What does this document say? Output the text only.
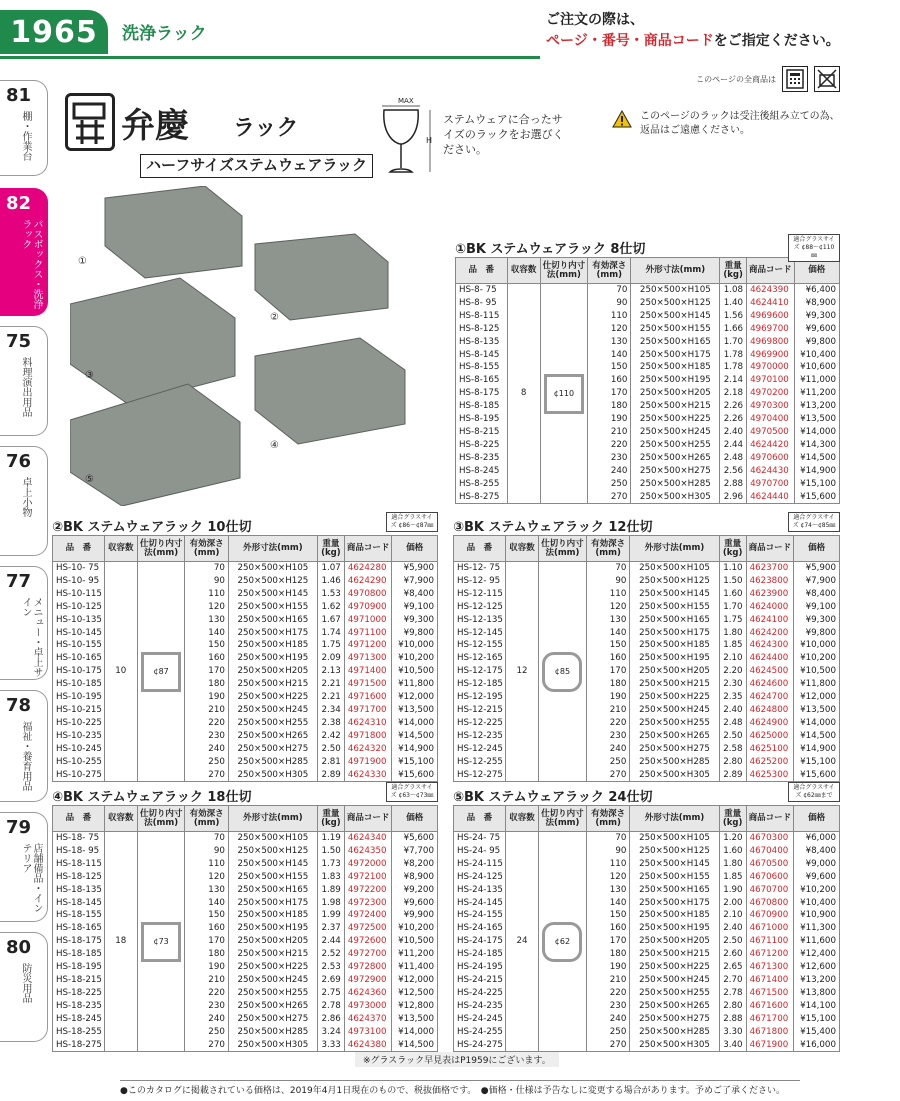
1965	洗浄ラック
ご注文の際は、
ページ・番号・商品コードをご指定ください。
このページの全商品は
81
棚・作業台
82
パスボックス・洗浄ラック
75
料理演出用品
76
卓上小物
77
メニュー・卓上サイン
78
福祉・養育用品
79
店舗備品・インテリア
80
防災用品
弁慶 ラック
ハーフサイズステムウェアラック
MAX
H
ステムウェアに合ったサイズのラックをお選びください。
このページのラックは受注後組み立ての為、返品はご遠慮ください。
①
②
③
④
⑤
①BK ステムウェアラック 8仕切
適合グラスサイズ ¢88〜¢110㎜
品　番	収容数	仕切り内寸法(mm)	有効深さ(mm)	外形寸法(mm)	重量(kg)	商品コード	価格
HS-8- 75	8	¢110	70	250×500×H105	1.08	4624390	¥6,400
HS-8- 95			90	250×500×H125	1.40	4624410	¥8,900
HS-8-115			110	250×500×H145	1.56	4969600	¥9,300
HS-8-125			120	250×500×H155	1.66	4969700	¥9,600
HS-8-135			130	250×500×H165	1.70	4969800	¥9,800
HS-8-145			140	250×500×H175	1.78	4969900	¥10,400
HS-8-155			150	250×500×H185	1.78	4970000	¥10,600
HS-8-165			160	250×500×H195	2.14	4970100	¥11,000
HS-8-175			170	250×500×H205	2.18	4970200	¥11,200
HS-8-185			180	250×500×H215	2.26	4970300	¥13,200
HS-8-195			190	250×500×H225	2.26	4970400	¥13,500
HS-8-215			210	250×500×H245	2.40	4970500	¥14,000
HS-8-225			220	250×500×H255	2.44	4624420	¥14,300
HS-8-235			230	250×500×H265	2.48	4970600	¥14,500
HS-8-245			240	250×500×H275	2.56	4624430	¥14,900
HS-8-255			250	250×500×H285	2.88	4970700	¥15,100
HS-8-275			270	250×500×H305	2.96	4624440	¥15,600
②BK ステムウェアラック 10仕切
適合グラスサイズ ¢86〜¢87㎜
品　番	収容数	仕切り内寸法(mm)	有効深さ(mm)	外形寸法(mm)	重量(kg)	商品コード	価格
HS-10- 75	10	¢87	70	250×500×H105	1.07	4624280	¥5,900
HS-10- 95			90	250×500×H125	1.46	4624290	¥7,900
HS-10-115			110	250×500×H145	1.53	4970800	¥8,400
HS-10-125			120	250×500×H155	1.62	4970900	¥9,100
HS-10-135			130	250×500×H165	1.67	4971000	¥9,300
HS-10-145			140	250×500×H175	1.74	4971100	¥9,800
HS-10-155			150	250×500×H185	1.75	4971200	¥10,000
HS-10-165			160	250×500×H195	2.09	4971300	¥10,200
HS-10-175			170	250×500×H205	2.13	4971400	¥10,500
HS-10-185			180	250×500×H215	2.21	4971500	¥11,800
HS-10-195			190	250×500×H225	2.21	4971600	¥12,000
HS-10-215			210	250×500×H245	2.34	4971700	¥13,500
HS-10-225			220	250×500×H255	2.38	4624310	¥14,000
HS-10-235			230	250×500×H265	2.42	4971800	¥14,500
HS-10-245			240	250×500×H275	2.50	4624320	¥14,900
HS-10-255			250	250×500×H285	2.81	4971900	¥15,100
HS-10-275			270	250×500×H305	2.89	4624330	¥15,600
③BK ステムウェアラック 12仕切
適合グラスサイズ ¢74〜¢85㎜
品　番	収容数	仕切り内寸法(mm)	有効深さ(mm)	外形寸法(mm)	重量(kg)	商品コード	価格
HS-12- 75	12	¢85	70	250×500×H105	1.10	4623700	¥5,900
HS-12- 95			90	250×500×H125	1.50	4623800	¥7,900
HS-12-115			110	250×500×H145	1.60	4623900	¥8,400
HS-12-125			120	250×500×H155	1.70	4624000	¥9,100
HS-12-135			130	250×500×H165	1.75	4624100	¥9,300
HS-12-145			140	250×500×H175	1.80	4624200	¥9,800
HS-12-155			150	250×500×H185	1.85	4624300	¥10,000
HS-12-165			160	250×500×H195	2.10	4624400	¥10,200
HS-12-175			170	250×500×H205	2.20	4624500	¥10,500
HS-12-185			180	250×500×H215	2.30	4624600	¥11,800
HS-12-195			190	250×500×H225	2.35	4624700	¥12,000
HS-12-215			210	250×500×H245	2.40	4624800	¥13,500
HS-12-225			220	250×500×H255	2.48	4624900	¥14,000
HS-12-235			230	250×500×H265	2.50	4625000	¥14,500
HS-12-245			240	250×500×H275	2.58	4625100	¥14,900
HS-12-255			250	250×500×H285	2.80	4625200	¥15,100
HS-12-275			270	250×500×H305	2.89	4625300	¥15,600
④BK ステムウェアラック 18仕切
適合グラスサイズ ¢63〜¢73㎜
品　番	収容数	仕切り内寸法(mm)	有効深さ(mm)	外形寸法(mm)	重量(kg)	商品コード	価格
HS-18- 75	18	¢73	70	250×500×H105	1.19	4624340	¥5,600
HS-18- 95			90	250×500×H125	1.50	4624350	¥7,700
HS-18-115			110	250×500×H145	1.73	4972000	¥8,200
HS-18-125			120	250×500×H155	1.83	4972100	¥8,900
HS-18-135			130	250×500×H165	1.89	4972200	¥9,200
HS-18-145			140	250×500×H175	1.98	4972300	¥9,600
HS-18-155			150	250×500×H185	1.99	4972400	¥9,900
HS-18-165			160	250×500×H195	2.37	4972500	¥10,200
HS-18-175			170	250×500×H205	2.44	4972600	¥10,500
HS-18-185			180	250×500×H215	2.52	4972700	¥11,200
HS-18-195			190	250×500×H225	2.53	4972800	¥11,400
HS-18-215			210	250×500×H245	2.69	4972900	¥12,000
HS-18-225			220	250×500×H255	2.75	4624360	¥12,500
HS-18-235			230	250×500×H265	2.78	4973000	¥12,800
HS-18-245			240	250×500×H275	2.86	4624370	¥13,500
HS-18-255			250	250×500×H285	3.24	4973100	¥14,000
HS-18-275			270	250×500×H305	3.33	4624380	¥14,500
⑤BK ステムウェアラック 24仕切
適合グラスサイズ ¢62㎜まで
品　番	収容数	仕切り内寸法(mm)	有効深さ(mm)	外形寸法(mm)	重量(kg)	商品コード	価格
HS-24- 75	24	¢62	70	250×500×H105	1.20	4670300	¥6,000
HS-24- 95			90	250×500×H125	1.60	4670400	¥8,400
HS-24-115			110	250×500×H145	1.80	4670500	¥9,000
HS-24-125			120	250×500×H155	1.85	4670600	¥9,600
HS-24-135			130	250×500×H165	1.90	4670700	¥10,200
HS-24-145			140	250×500×H175	2.00	4670800	¥10,400
HS-24-155			150	250×500×H185	2.10	4670900	¥10,900
HS-24-165			160	250×500×H195	2.40	4671000	¥11,300
HS-24-175			170	250×500×H205	2.50	4671100	¥11,600
HS-24-185			180	250×500×H215	2.60	4671200	¥12,400
HS-24-195			190	250×500×H225	2.65	4671300	¥12,600
HS-24-215			210	250×500×H245	2.70	4671400	¥13,200
HS-24-225			220	250×500×H255	2.78	4671500	¥13,800
HS-24-235			230	250×500×H265	2.80	4671600	¥14,100
HS-24-245			240	250×500×H275	2.88	4671700	¥15,100
HS-24-255			250	250×500×H285	3.30	4671800	¥15,400
HS-24-275			270	250×500×H305	3.40	4671900	¥16,000
※グラスラック早見表はP1959にございます。
●このカタログに掲載されている価格は、2019年4月1日現在のもので、税抜価格です。　●価格・仕様は予告なしに変更する場合があります。予めご了承ください。
